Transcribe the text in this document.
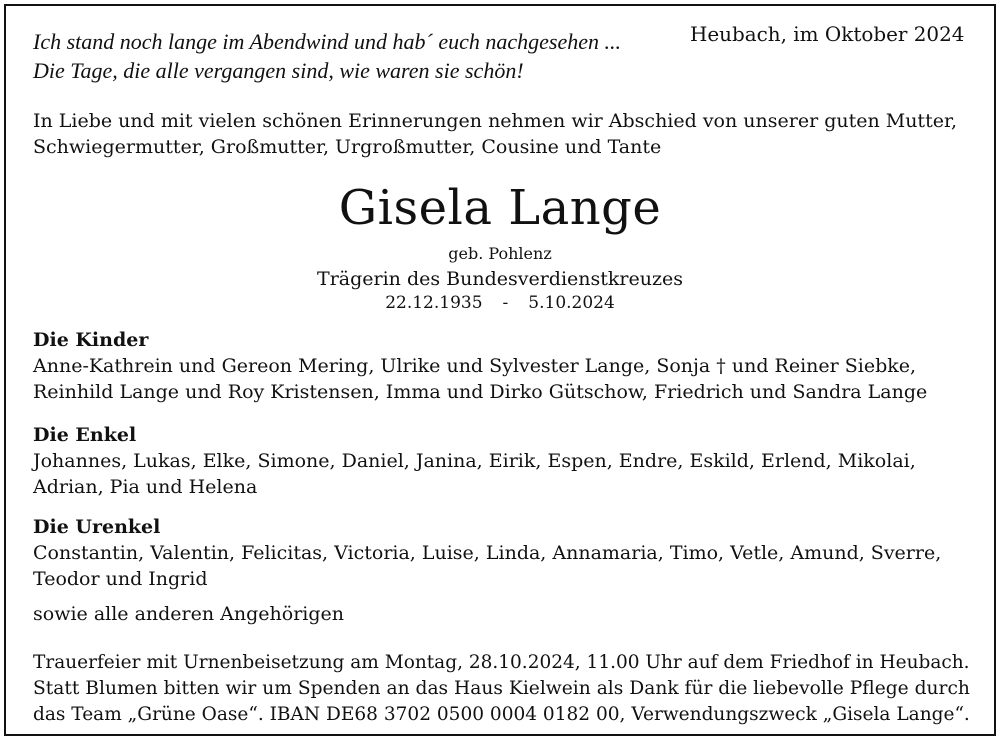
Ich stand noch lange im Abendwind und hab´ euch nachgesehen ...
Die Tage, die alle vergangen sind, wie waren sie schön!
Heubach, im Oktober 2024
In Liebe und mit vielen schönen Erinnerungen nehmen wir Abschied von unserer guten Mutter,
Schwiegermutter, Großmutter, Urgroßmutter, Cousine und Tante
Gisela Lange
geb. Pohlenz
Trägerin des Bundesverdienstkreuzes
22.12.1935 - 5.10.2024
Die Kinder
Anne-Kathrein und Gereon Mering, Ulrike und Sylvester Lange, Sonja † und Reiner Siebke,
Reinhild Lange und Roy Kristensen, Imma und Dirko Gütschow, Friedrich und Sandra Lange
Die Enkel
Johannes, Lukas, Elke, Simone, Daniel, Janina, Eirik, Espen, Endre, Eskild, Erlend, Mikolai,
Adrian, Pia und Helena
Die Urenkel
Constantin, Valentin, Felicitas, Victoria, Luise, Linda, Annamaria, Timo, Vetle, Amund, Sverre,
Teodor und Ingrid
sowie alle anderen Angehörigen
Trauerfeier mit Urnenbeisetzung am Montag, 28.10.2024, 11.00 Uhr auf dem Friedhof in Heubach.
Statt Blumen bitten wir um Spenden an das Haus Kielwein als Dank für die liebevolle Pflege durch
das Team „Grüne Oase“. IBAN DE68 3702 0500 0004 0182 00, Verwendungszweck „Gisela Lange“.
